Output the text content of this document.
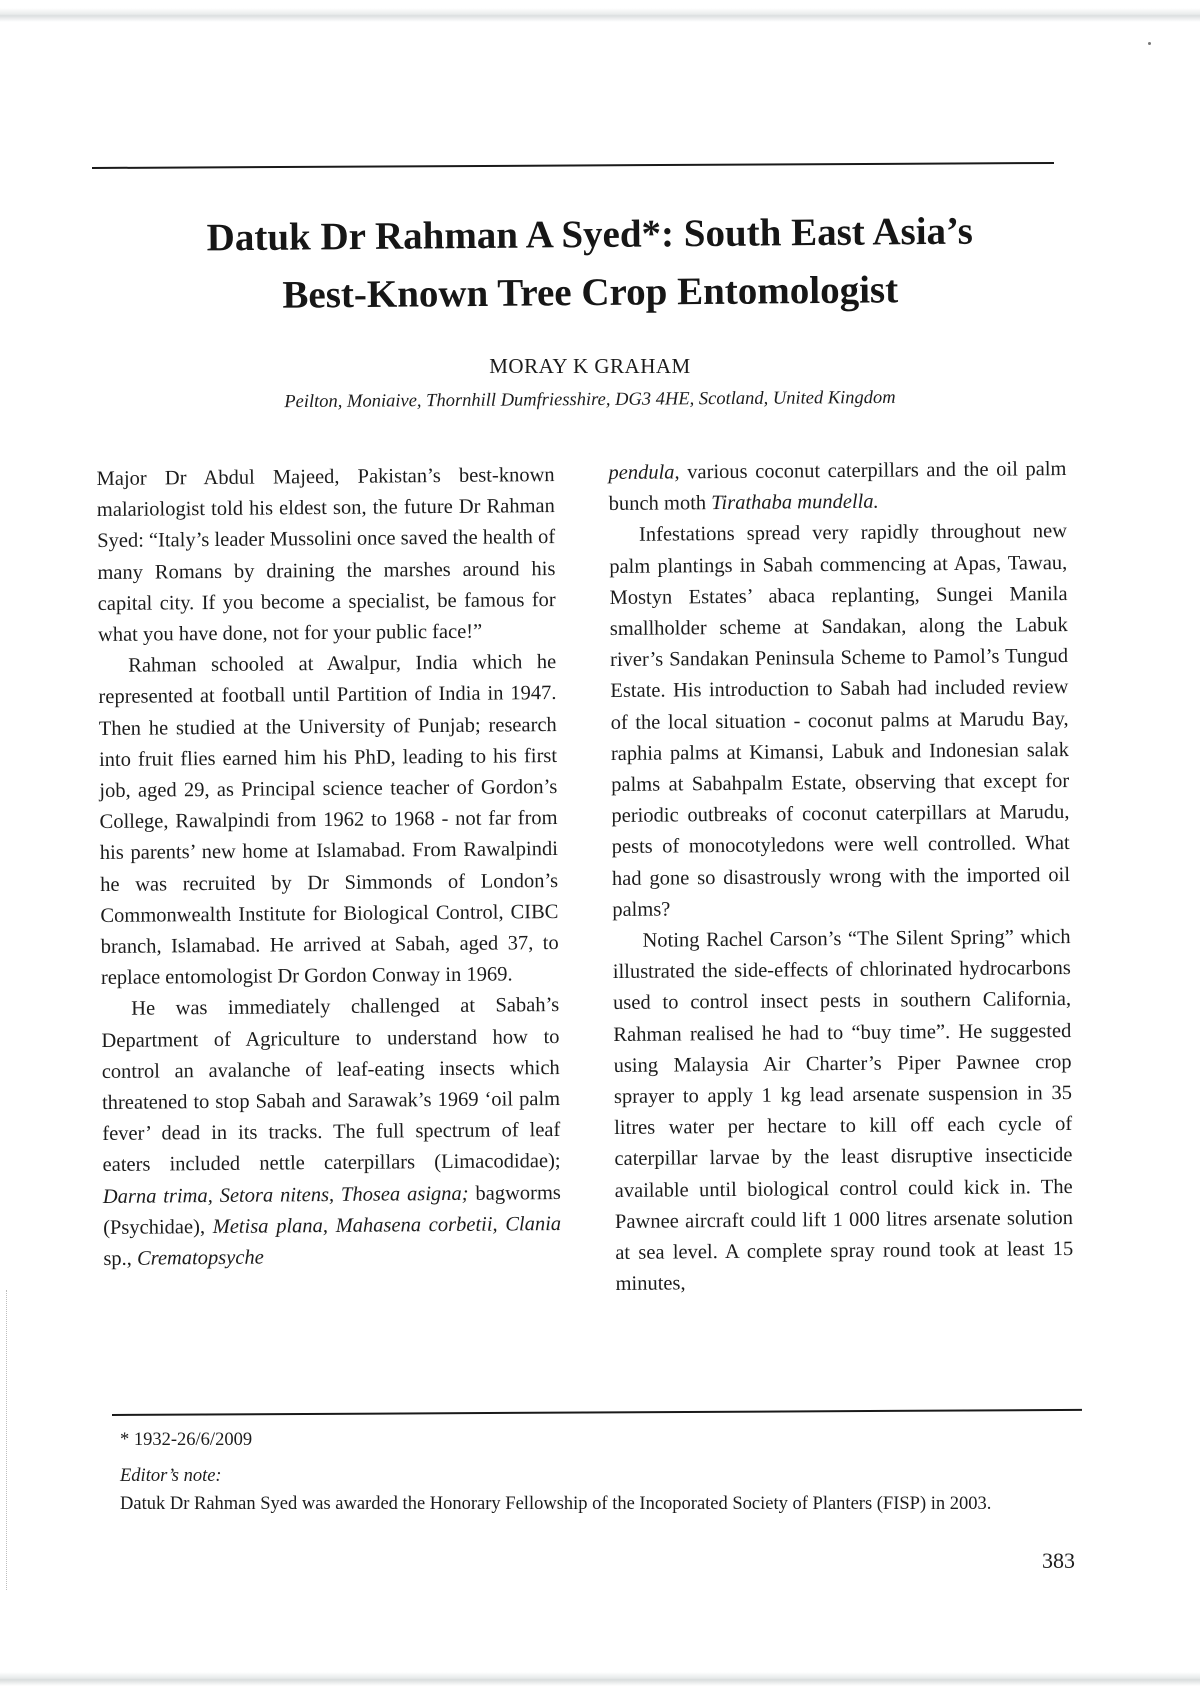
Datuk Dr Rahman A Syed*: South East Asia’s
Best-Known Tree Crop Entomologist
MORAY K GRAHAM
Peilton, Moniaive, Thornhill Dumfriesshire, DG3 4HE, Scotland, United Kingdom

Major Dr Abdul Majeed, Pakistan’s best-known malariologist told his eldest son, the future Dr Rahman Syed: “Italy’s leader Mussolini once saved the health of many Romans by draining the marshes around his capital city. If you become a specialist, be famous for what you have done, not for your public face!”

Rahman schooled at Awalpur, India which he represented at football until Partition of India in 1947. Then he studied at the University of Punjab; research into fruit flies earned him his PhD, leading to his first job, aged 29, as Principal science teacher of Gordon’s College, Rawalpindi from 1962 to 1968 - not far from his parents’ new home at Islamabad. From Rawalpindi he was recruited by Dr Simmonds of London’s Commonwealth Institute for Biological Control, CIBC branch, Islamabad. He arrived at Sabah, aged 37, to replace entomologist Dr Gordon Conway in 1969.

He was immediately challenged at Sabah’s Department of Agriculture to understand how to control an avalanche of leaf-eating insects which threatened to stop Sabah and Sarawak’s 1969 ‘oil palm fever’ dead in its tracks. The full spectrum of leaf eaters included nettle caterpillars (Limacodidae); Darna trima, Setora nitens, Thosea asigna; bagworms (Psychidae), Metisa plana, Mahasena corbetii, Clania sp., Crematopsyche

pendula, various coconut caterpillars and the oil palm bunch moth Tirathaba mundella.

Infestations spread very rapidly throughout new palm plantings in Sabah commencing at Apas, Tawau, Mostyn Estates’ abaca replanting, Sungei Manila smallholder scheme at Sandakan, along the Labuk river’s Sandakan Peninsula Scheme to Pamol’s Tungud Estate. His introduction to Sabah had included review of the local situation - coconut palms at Marudu Bay, raphia palms at Kimansi, Labuk and Indonesian salak palms at Sabahpalm Estate, observing that except for periodic outbreaks of coconut caterpillars at Marudu, pests of monocotyledons were well controlled. What had gone so disastrously wrong with the imported oil palms?

Noting Rachel Carson’s “The Silent Spring” which illustrated the side-effects of chlorinated hydrocarbons used to control insect pests in southern California, Rahman realised he had to “buy time”. He suggested using Malaysia Air Charter’s Piper Pawnee crop sprayer to apply 1 kg lead arsenate suspension in 35 litres water per hectare to kill off each cycle of caterpillar larvae by the least disruptive insecticide available until biological control could kick in. The Pawnee aircraft could lift 1 000 litres arsenate solution at sea level. A complete spray round took at least 15 minutes,

* 1932-26/6/2009

Editor’s note:

Datuk Dr Rahman Syed was awarded the Honorary Fellowship of the Incoporated Society of Planters (FISP) in 2003.

383
